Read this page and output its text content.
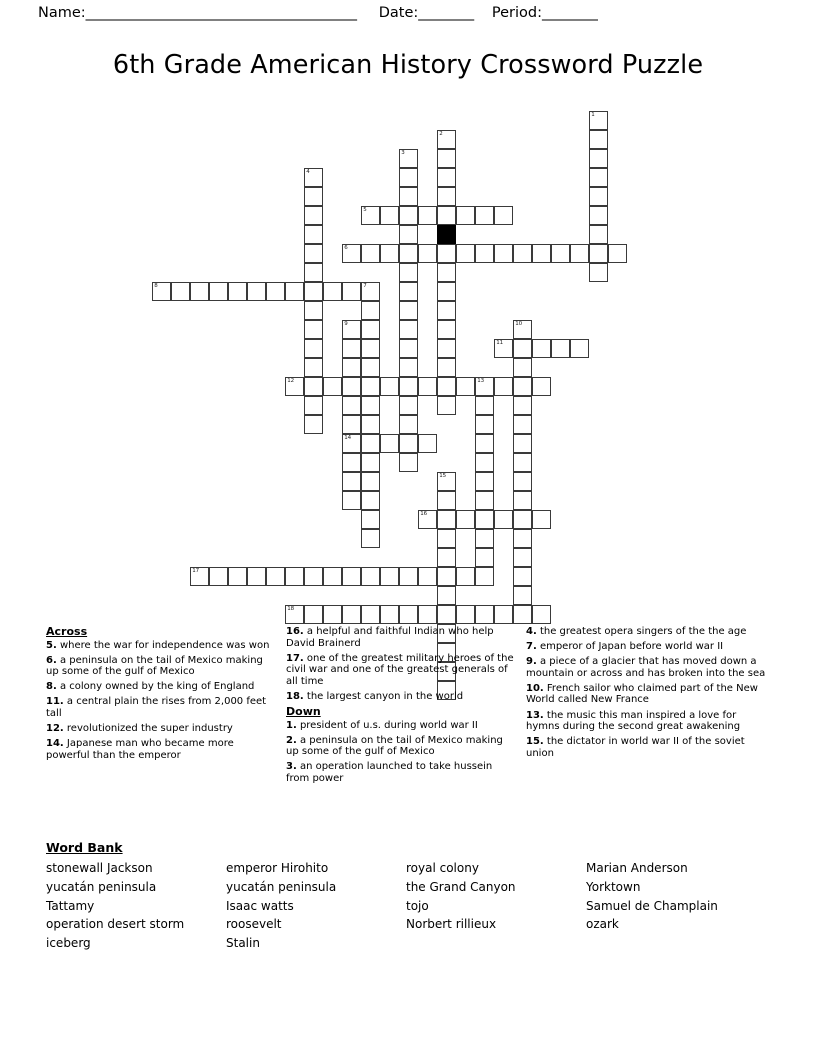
Name: _______________________________________ Date: ________ Period: ________
6th Grade American History Crossword Puzzle
1
2
3
4
5
6
8	7
9	10
11
12	13
14
15
16
17
18
Across
5. where the war for independence was won
6. a peninsula on the tail of Mexico making up some of the gulf of Mexico
8. a colony owned by the king of England
11. a central plain the rises from 2,000 feet tall
12. revolutionized the super industry
14. Japanese man who became more powerful than the emperor
16. a helpful and faithful Indian who help David Brainerd
17. one of the greatest military heroes of the civil war and one of the greatest generals of all time
18. the largest canyon in the world
Down
1. president of u.s. during world war II
2. a peninsula on the tail of Mexico making up some of the gulf of Mexico
3. an operation launched to take hussein from power
4. the greatest opera singers of the the age
7. emperor of Japan before world war II
9. a piece of a glacier that has moved down a mountain or across and has broken into the sea
10. French sailor who claimed part of the New World called New France
13. the music this man inspired a love for hymns during the second great awakening
15. the dictator in world war II of the soviet union
Word Bank
stonewall Jackson	emperor Hirohito	royal colony	Marian Anderson
yucatán peninsula	yucatán peninsula	the Grand Canyon	Yorktown
Tattamy	Isaac watts	tojo	Samuel de Champlain
operation desert storm	roosevelt	Norbert rillieux	ozark
iceberg	Stalin
